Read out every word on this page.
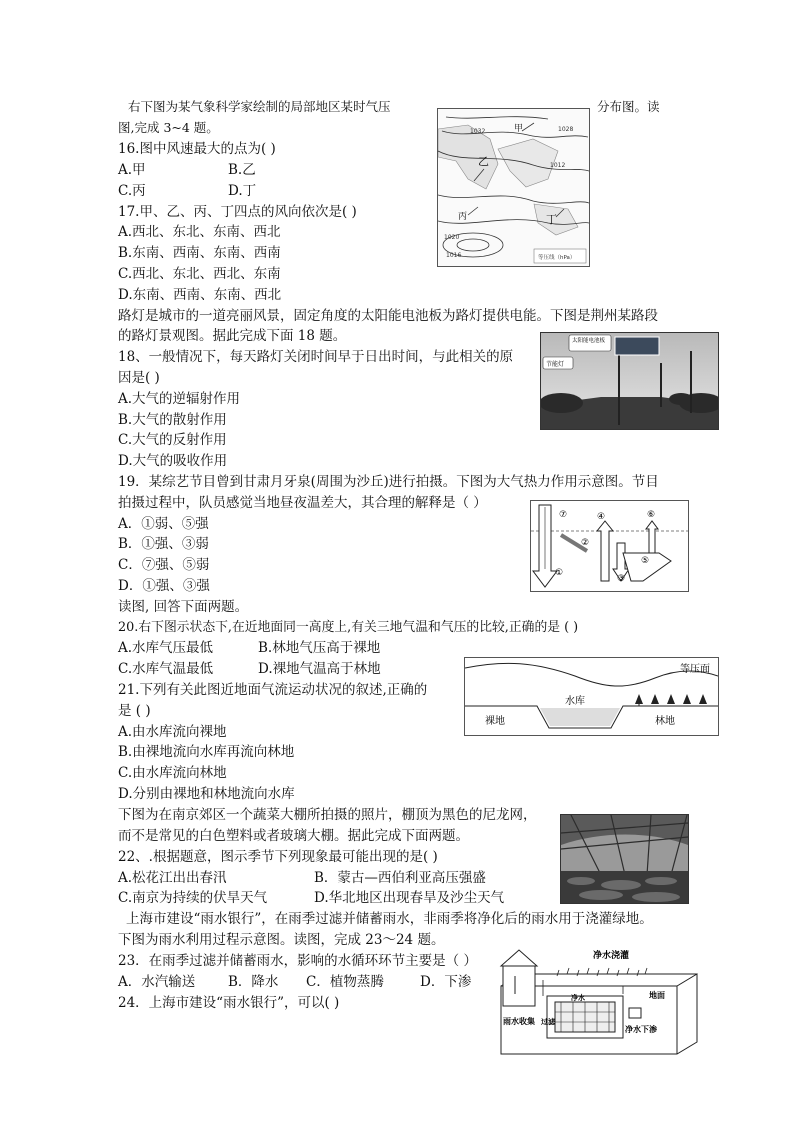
右下图为某气象科学家绘制的局部地区某时气压	分布图。读
图,完成 3~4 题。
16.图中风速最大的点为( )
A.甲	B.乙
C.丙	D.丁
17.甲、乙、丙、丁四点的风向依次是( )
A.西北、东北、东南、西北
B.东南、西南、东南、西南
C.西北、东北、西北、东南
D.东南、西南、东南、西北
1032	1028
1012
1020
1016
甲
乙
丙	丁
等压线（hPa）
路灯是城市的一道亮丽风景，固定角度的太阳能电池板为路灯提供电能。下图是荆州某路段
的路灯景观图。据此完成下面 18 题。
18、一般情况下，每天路灯关闭时间早于日出时间，与此相关的原
因是( )
A.大气的逆辐射作用
B.大气的散射作用
C.大气的反射作用
D.大气的吸收作用
太阳能电池板
节能灯
19．某综艺节目曾到甘肃月牙泉(周围为沙丘)进行拍摄。下图为大气热力作用示意图。节目
拍摄过程中，队员感觉当地昼夜温差大，其合理的解释是（ ）
A．①弱、⑤强
B．①强、③弱
C．⑦强、⑤弱
D．①强、③强
⑦	④	⑥
②
①
③
⑤
读图, 回答下面两题。
20.右下图示状态下,在近地面同一高度上,有关三地气温和气压的比较,正确的是 ( )
A.水库气压最低	B.林地气压高于裸地
C.水库气温最低	D.裸地气温高于林地
21.下列有关此图近地面气流运动状况的叙述,正确的
是 ( )
A.由水库流向裸地
B.由裸地流向水库再流向林地
C.由水库流向林地
D.分别由裸地和林地流向水库
等压面
水库
裸地	林地
下图为在南京郊区一个蔬菜大棚所拍摄的照片，棚顶为黑色的尼龙网，
而不是常见的白色塑料或者玻璃大棚。据此完成下面两题。
22、.根据题意，图示季节下列现象最可能出现的是( )
A.松花江出出春汛	B．蒙古—西伯利亚高压强盛
C.南京为持续的伏旱天气	D.华北地区出现春旱及沙尘天气
上海市建设“雨水银行”，在雨季过滤并储蓄雨水，非雨季将净化后的雨水用于浇灌绿地。
下图为雨水利用过程示意图。读图，完成 23～24 题。
23．在雨季过滤并储蓄雨水，影响的水循环环节主要是（ ）
A．水汽输送 B．降水 C．植物蒸腾	D．下渗
24．上海市建设“雨水银行”，可以( )
净水浇灌
地面
雨水收集 过滤
净水
净水下渗
